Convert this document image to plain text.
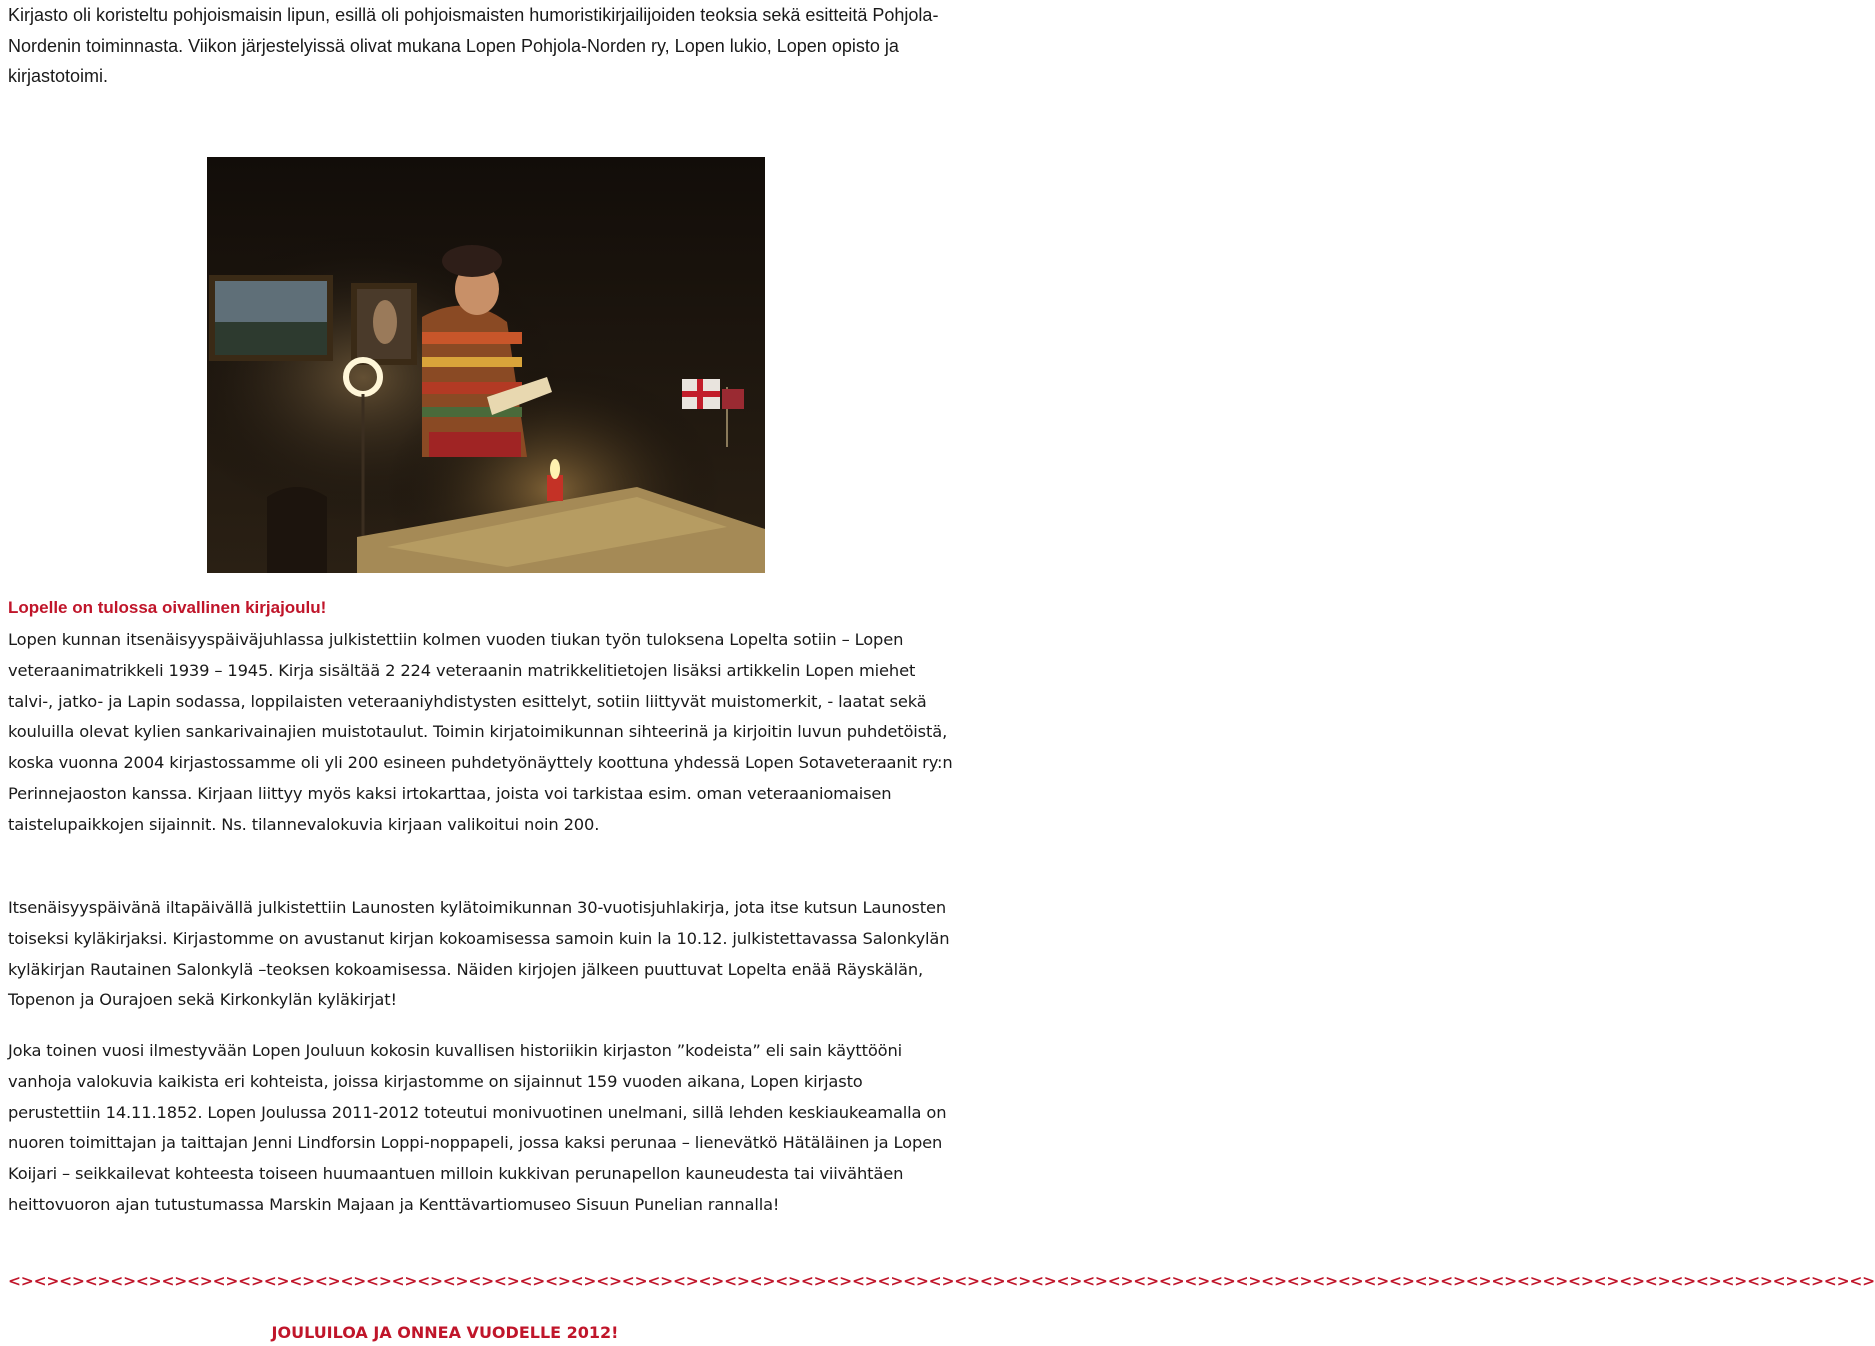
Kirjasto oli koristeltu pohjoismaisin lipun, esillä oli pohjoismaisten humoristikirjailijoiden teoksia sekä esitteitä Pohjola-Nordenin toiminnasta. Viikon järjestelyissä olivat mukana Lopen Pohjola-Norden ry, Lopen lukio, Lopen opisto ja kirjastotoimi.

Lopelle on tulossa oivallinen kirjajoulu!

Lopen kunnan itsenäisyyspäiväjuhlassa julkistettiin kolmen vuoden tiukan työn tuloksena Lopelta sotiin – Lopen veteraanimatrikkeli 1939 – 1945. Kirja sisältää 2 224 veteraanin matrikkelitietojen lisäksi artikkelin Lopen miehet talvi-, jatko- ja Lapin sodassa, loppilaisten veteraaniyhdistysten esittelyt, sotiin liittyvät muistomerkit, - laatat sekä kouluilla olevat kylien sankarivainajien muistotaulut. Toimin kirjatoimikunnan sihteerinä ja kirjoitin luvun puhdetöistä, koska vuonna 2004 kirjastossamme oli yli 200 esineen puhdetyönäyttely koottuna yhdessä Lopen Sotaveteraanit ry:n Perinnejaoston kanssa. Kirjaan liittyy myös kaksi irtokarttaa, joista voi tarkistaa esim. oman veteraaniomaisen taistelupaikkojen sijainnit. Ns. tilannevalokuvia kirjaan valikoitui noin 200.

Itsenäisyyspäivänä iltapäivällä julkistettiin Launosten kylätoimikunnan 30-vuotisjuhlakirja, jota itse kutsun Launosten toiseksi kyläkirjaksi. Kirjastomme on avustanut kirjan kokoamisessa samoin kuin la 10.12. julkistettavassa Salonkylän kyläkirjan Rautainen Salonkylä –teoksen kokoamisessa. Näiden kirjojen jälkeen puuttuvat Lopelta enää Räyskälän, Topenon ja Ourajoen sekä Kirkonkylän kyläkirjat!

Joka toinen vuosi ilmestyvään Lopen Jouluun kokosin kuvallisen historiikin kirjaston ”kodeista” eli sain käyttööni vanhoja valokuvia kaikista eri kohteista, joissa kirjastomme on sijainnut 159 vuoden aikana, Lopen kirjasto perustettiin 14.11.1852. Lopen Joulussa 2011-2012 toteutui monivuotinen unelmani, sillä lehden keskiaukeamalla on nuoren toimittajan ja taittajan Jenni Lindforsin Loppi-noppapeli, jossa kaksi perunaa – lienevätkö Hätäläinen ja Lopen Koijari – seikkailevat kohteesta toiseen huumaantuen milloin kukkivan perunapellon kauneudesta tai viivähtäen heittovuoron ajan tutustumassa Marskin Majaan ja Kenttävartiomuseo Sisuun Punelian rannalla!

<><><><><><><><><><><><><><><><><><><><><><><><><><><><><><><><><><><><><><><><><><><><><><><><><><><><><><><><><><><><><><><><><><><><><><><><><>

JOULUILOA JA ONNEA VUODELLE 2012!
